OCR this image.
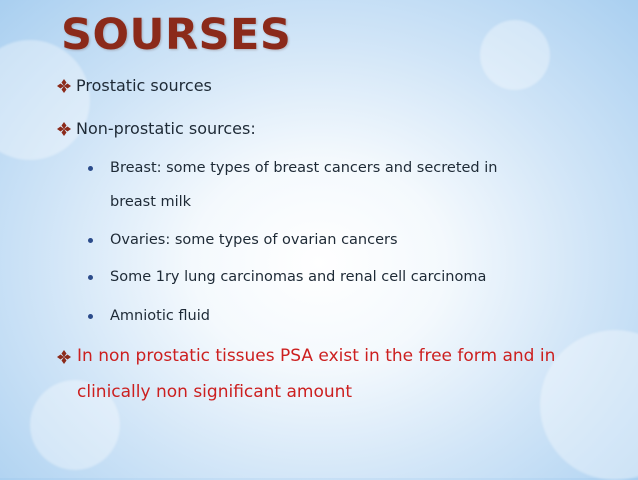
SOURSES
Prostatic sources
Non-prostatic sources:
Breast: some types of breast cancers and secreted in
breast milk
Ovaries: some types of ovarian cancers
Some 1ry lung carcinomas and renal cell carcinoma
Amniotic fluid
In non prostatic tissues PSA exist in the free form and in
clinically non significant amount
